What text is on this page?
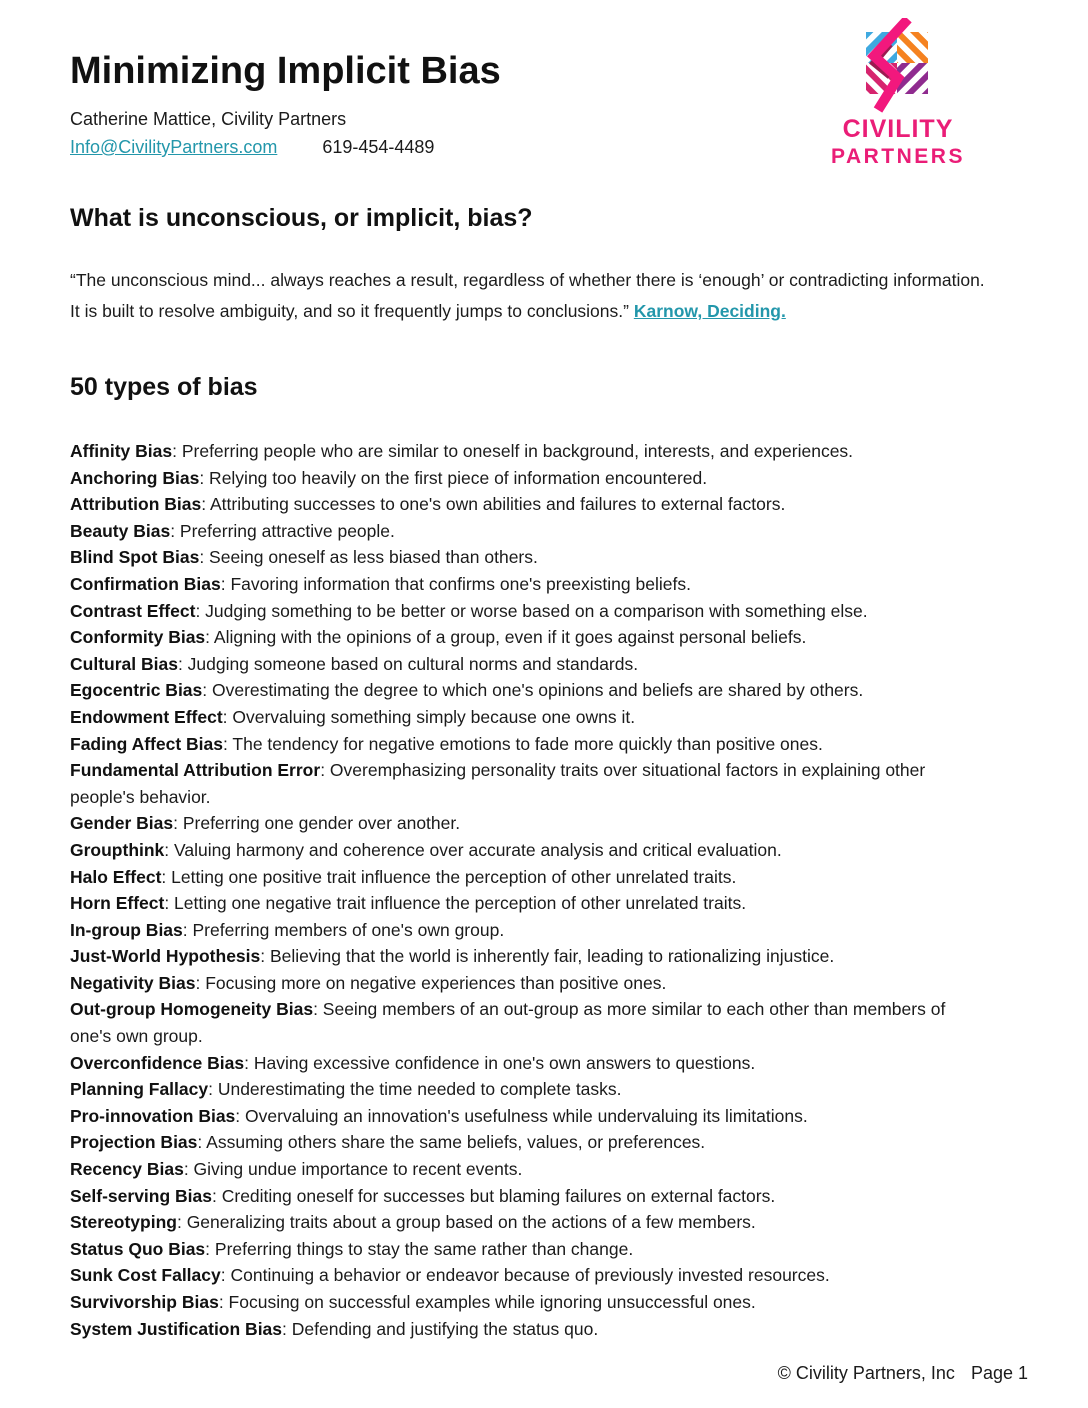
Minimizing Implicit Bias

Catherine Mattice, Civility Partners

Info@CivilityPartners.com	619-454-4489

What is unconscious, or implicit, bias?

“The unconscious mind... always reaches a result, regardless of whether there is ‘enough’ or contradicting information. It is built to resolve ambiguity, and so it frequently jumps to conclusions.” Karnow, Deciding.

50 types of bias

Affinity Bias: Preferring people who are similar to oneself in background, interests, and experiences.

Anchoring Bias: Relying too heavily on the first piece of information encountered.

Attribution Bias: Attributing successes to one's own abilities and failures to external factors.

Beauty Bias: Preferring attractive people.

Blind Spot Bias: Seeing oneself as less biased than others.

Confirmation Bias: Favoring information that confirms one's preexisting beliefs.

Contrast Effect: Judging something to be better or worse based on a comparison with something else.

Conformity Bias: Aligning with the opinions of a group, even if it goes against personal beliefs.

Cultural Bias: Judging someone based on cultural norms and standards.

Egocentric Bias: Overestimating the degree to which one's opinions and beliefs are shared by others.

Endowment Effect: Overvaluing something simply because one owns it.

Fading Affect Bias: The tendency for negative emotions to fade more quickly than positive ones.

Fundamental Attribution Error: Overemphasizing personality traits over situational factors in explaining other people's behavior.

Gender Bias: Preferring one gender over another.

Groupthink: Valuing harmony and coherence over accurate analysis and critical evaluation.

Halo Effect: Letting one positive trait influence the perception of other unrelated traits.

Horn Effect: Letting one negative trait influence the perception of other unrelated traits.

In-group Bias: Preferring members of one's own group.

Just-World Hypothesis: Believing that the world is inherently fair, leading to rationalizing injustice.

Negativity Bias: Focusing more on negative experiences than positive ones.

Out-group Homogeneity Bias: Seeing members of an out-group as more similar to each other than members of one's own group.

Overconfidence Bias: Having excessive confidence in one's own answers to questions.

Planning Fallacy: Underestimating the time needed to complete tasks.

Pro-innovation Bias: Overvaluing an innovation's usefulness while undervaluing its limitations.

Projection Bias: Assuming others share the same beliefs, values, or preferences.

Recency Bias: Giving undue importance to recent events.

Self-serving Bias: Crediting oneself for successes but blaming failures on external factors.

Stereotyping: Generalizing traits about a group based on the actions of a few members.

Status Quo Bias: Preferring things to stay the same rather than change.

Sunk Cost Fallacy: Continuing a behavior or endeavor because of previously invested resources.

Survivorship Bias: Focusing on successful examples while ignoring unsuccessful ones.

System Justification Bias: Defending and justifying the status quo.

CIVILITY
PARTNERS
© Civility Partners, Inc Page 1
